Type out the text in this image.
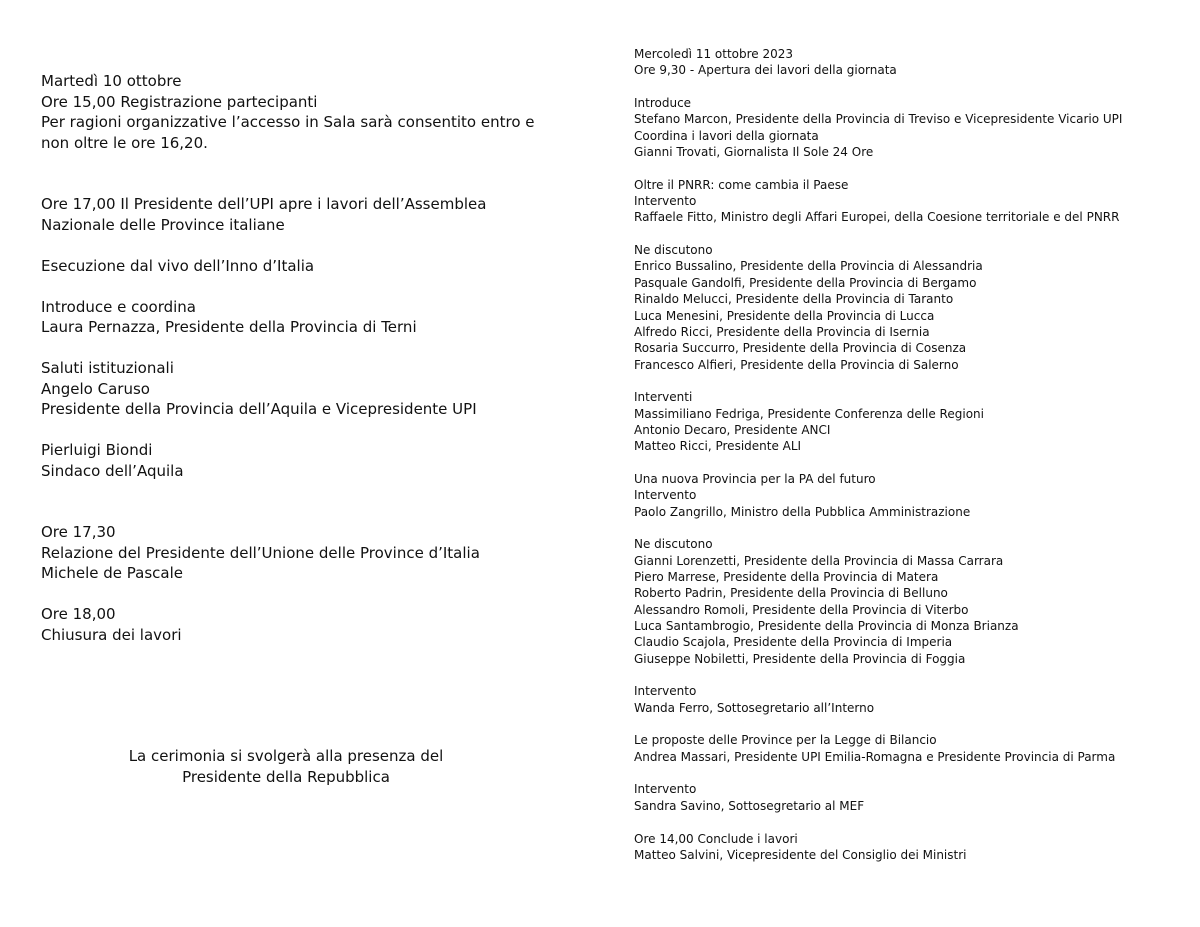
Martedì 10 ottobre
Ore 15,00 Registrazione partecipanti
Per ragioni organizzative l’accesso in Sala sarà consentito entro e non oltre le ore 16,20.
Ore 17,00 Il Presidente dell’UPI apre i lavori dell’Assemblea Nazionale delle Province italiane
Esecuzione dal vivo dell’Inno d’Italia
Introduce e coordina
Laura Pernazza, Presidente della Provincia di Terni
Saluti istituzionali
Angelo Caruso
Presidente della Provincia dell’Aquila e Vicepresidente UPI
Pierluigi Biondi
Sindaco dell’Aquila
Ore 17,30
Relazione del Presidente dell’Unione delle Province d’Italia
Michele de Pascale
Ore 18,00
Chiusura dei lavori
La cerimonia si svolgerà alla presenza del
Presidente della Repubblica
Mercoledì 11 ottobre 2023
Ore 9,30 - Apertura dei lavori della giornata
Introduce
Stefano Marcon, Presidente della Provincia di Treviso e Vicepresidente Vicario UPI
Coordina i lavori della giornata
Gianni Trovati, Giornalista Il Sole 24 Ore
Oltre il PNRR: come cambia il Paese
Intervento
Raffaele Fitto, Ministro degli Affari Europei, della Coesione territoriale e del PNRR
Ne discutono
Enrico Bussalino, Presidente della Provincia di Alessandria
Pasquale Gandolfi, Presidente della Provincia di Bergamo
Rinaldo Melucci, Presidente della Provincia di Taranto
Luca Menesini, Presidente della Provincia di Lucca
Alfredo Ricci, Presidente della Provincia di Isernia
Rosaria Succurro, Presidente della Provincia di Cosenza
Francesco Alfieri, Presidente della Provincia di Salerno
Interventi
Massimiliano Fedriga, Presidente Conferenza delle Regioni
Antonio Decaro, Presidente ANCI
Matteo Ricci, Presidente ALI
Una nuova Provincia per la PA del futuro
Intervento
Paolo Zangrillo, Ministro della Pubblica Amministrazione
Ne discutono
Gianni Lorenzetti, Presidente della Provincia di Massa Carrara
Piero Marrese, Presidente della Provincia di Matera
Roberto Padrin, Presidente della Provincia di Belluno
Alessandro Romoli, Presidente della Provincia di Viterbo
Luca Santambrogio, Presidente della Provincia di Monza Brianza
Claudio Scajola, Presidente della Provincia di Imperia
Giuseppe Nobiletti, Presidente della Provincia di Foggia
Intervento
Wanda Ferro, Sottosegretario all’Interno
Le proposte delle Province per la Legge di Bilancio
Andrea Massari, Presidente UPI Emilia-Romagna e Presidente Provincia di Parma
Intervento
Sandra Savino, Sottosegretario al MEF
Ore 14,00 Conclude i lavori
Matteo Salvini, Vicepresidente del Consiglio dei Ministri
